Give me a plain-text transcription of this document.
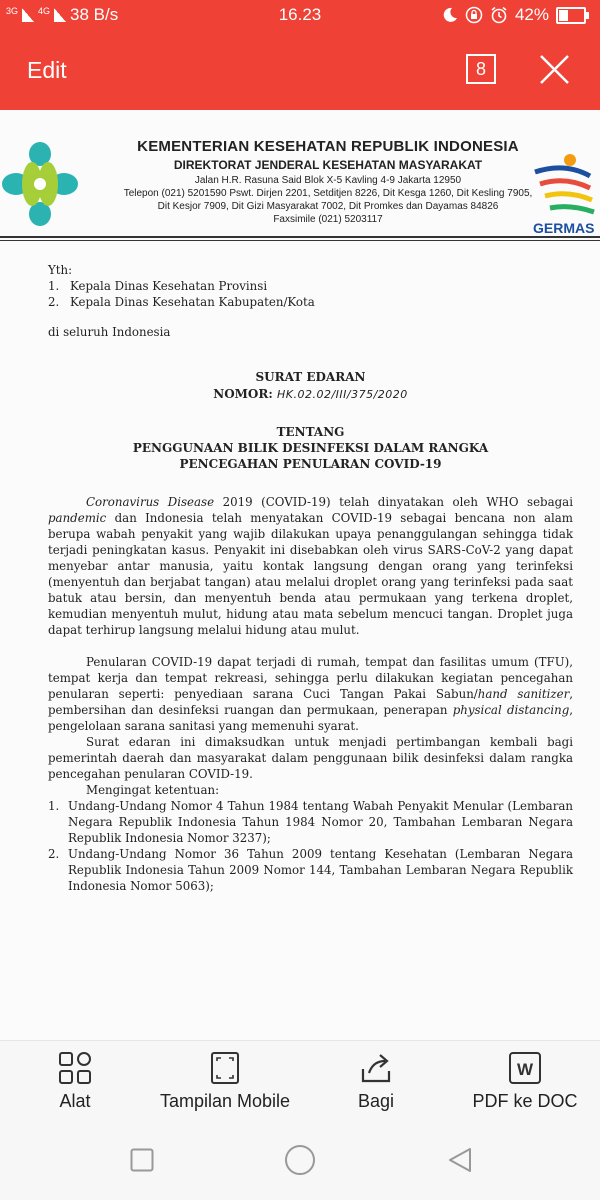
3G 4G 38 B/s	16.23	42%
Edit	8
KEMENTERIAN KESEHATAN REPUBLIK INDONESIA
DIREKTORAT JENDERAL KESEHATAN MASYARAKAT
Jalan H.R. Rasuna Said Blok X-5 Kavling 4-9 Jakarta 12950
Telepon (021) 5201590 Pswt. Dirjen 2201, Setditjen 8226, Dit Kesga 1260, Dit Kesling 7905,
Dit Kesjor 7909, Dit Gizi Masyarakat 7002, Dit Promkes dan Dayamas 84826
Faxsimile (021) 5203117
GERMAS
Yth:
1. Kepala Dinas Kesehatan Provinsi
2. Kepala Dinas Kesehatan Kabupaten/Kota
di seluruh Indonesia
SURAT EDARAN
NOMOR: HK.02.02/III/375/2020
TENTANG
PENGGUNAAN BILIK DESINFEKSI DALAM RANGKA
PENCEGAHAN PENULARAN COVID-19

Coronavirus Disease 2019 (COVID-19) telah dinyatakan oleh WHO sebagai pandemic dan Indonesia telah menyatakan COVID-19 sebagai bencana non alam berupa wabah penyakit yang wajib dilakukan upaya penanggulangan sehingga tidak terjadi peningkatan kasus. Penyakit ini disebabkan oleh virus SARS-CoV-2 yang dapat menyebar antar manusia, yaitu kontak langsung dengan orang yang terinfeksi (menyentuh dan berjabat tangan) atau melalui droplet orang yang terinfeksi pada saat batuk atau bersin, dan menyentuh benda atau permukaan yang terkena droplet, kemudian menyentuh mulut, hidung atau mata sebelum mencuci tangan. Droplet juga dapat terhirup langsung melalui hidung atau mulut.

Penularan COVID-19 dapat terjadi di rumah, tempat dan fasilitas umum (TFU), tempat kerja dan tempat rekreasi, sehingga perlu dilakukan kegiatan pencegahan penularan seperti: penyediaan sarana Cuci Tangan Pakai Sabun/hand sanitizer, pembersihan dan desinfeksi ruangan dan permukaan, penerapan physical distancing, pengelolaan sarana sanitasi yang memenuhi syarat.

Surat edaran ini dimaksudkan untuk menjadi pertimbangan kembali bagi pemerintah daerah dan masyarakat dalam penggunaan bilik desinfeksi dalam rangka pencegahan penularan COVID-19.

Mengingat ketentuan:

1. Undang-Undang Nomor 4 Tahun 1984 tentang Wabah Penyakit Menular (Lembaran Negara Republik Indonesia Tahun 1984 Nomor 20, Tambahan Lembaran Negara Republik Indonesia Nomor 3237);
2. Undang-Undang Nomor 36 Tahun 2009 tentang Kesehatan (Lembaran Negara Republik Indonesia Tahun 2009 Nomor 144, Tambahan Lembaran Negara Republik Indonesia Nomor 5063);
Alat	Tampilan Mobile	Bagi
W
PDF ke DOC
